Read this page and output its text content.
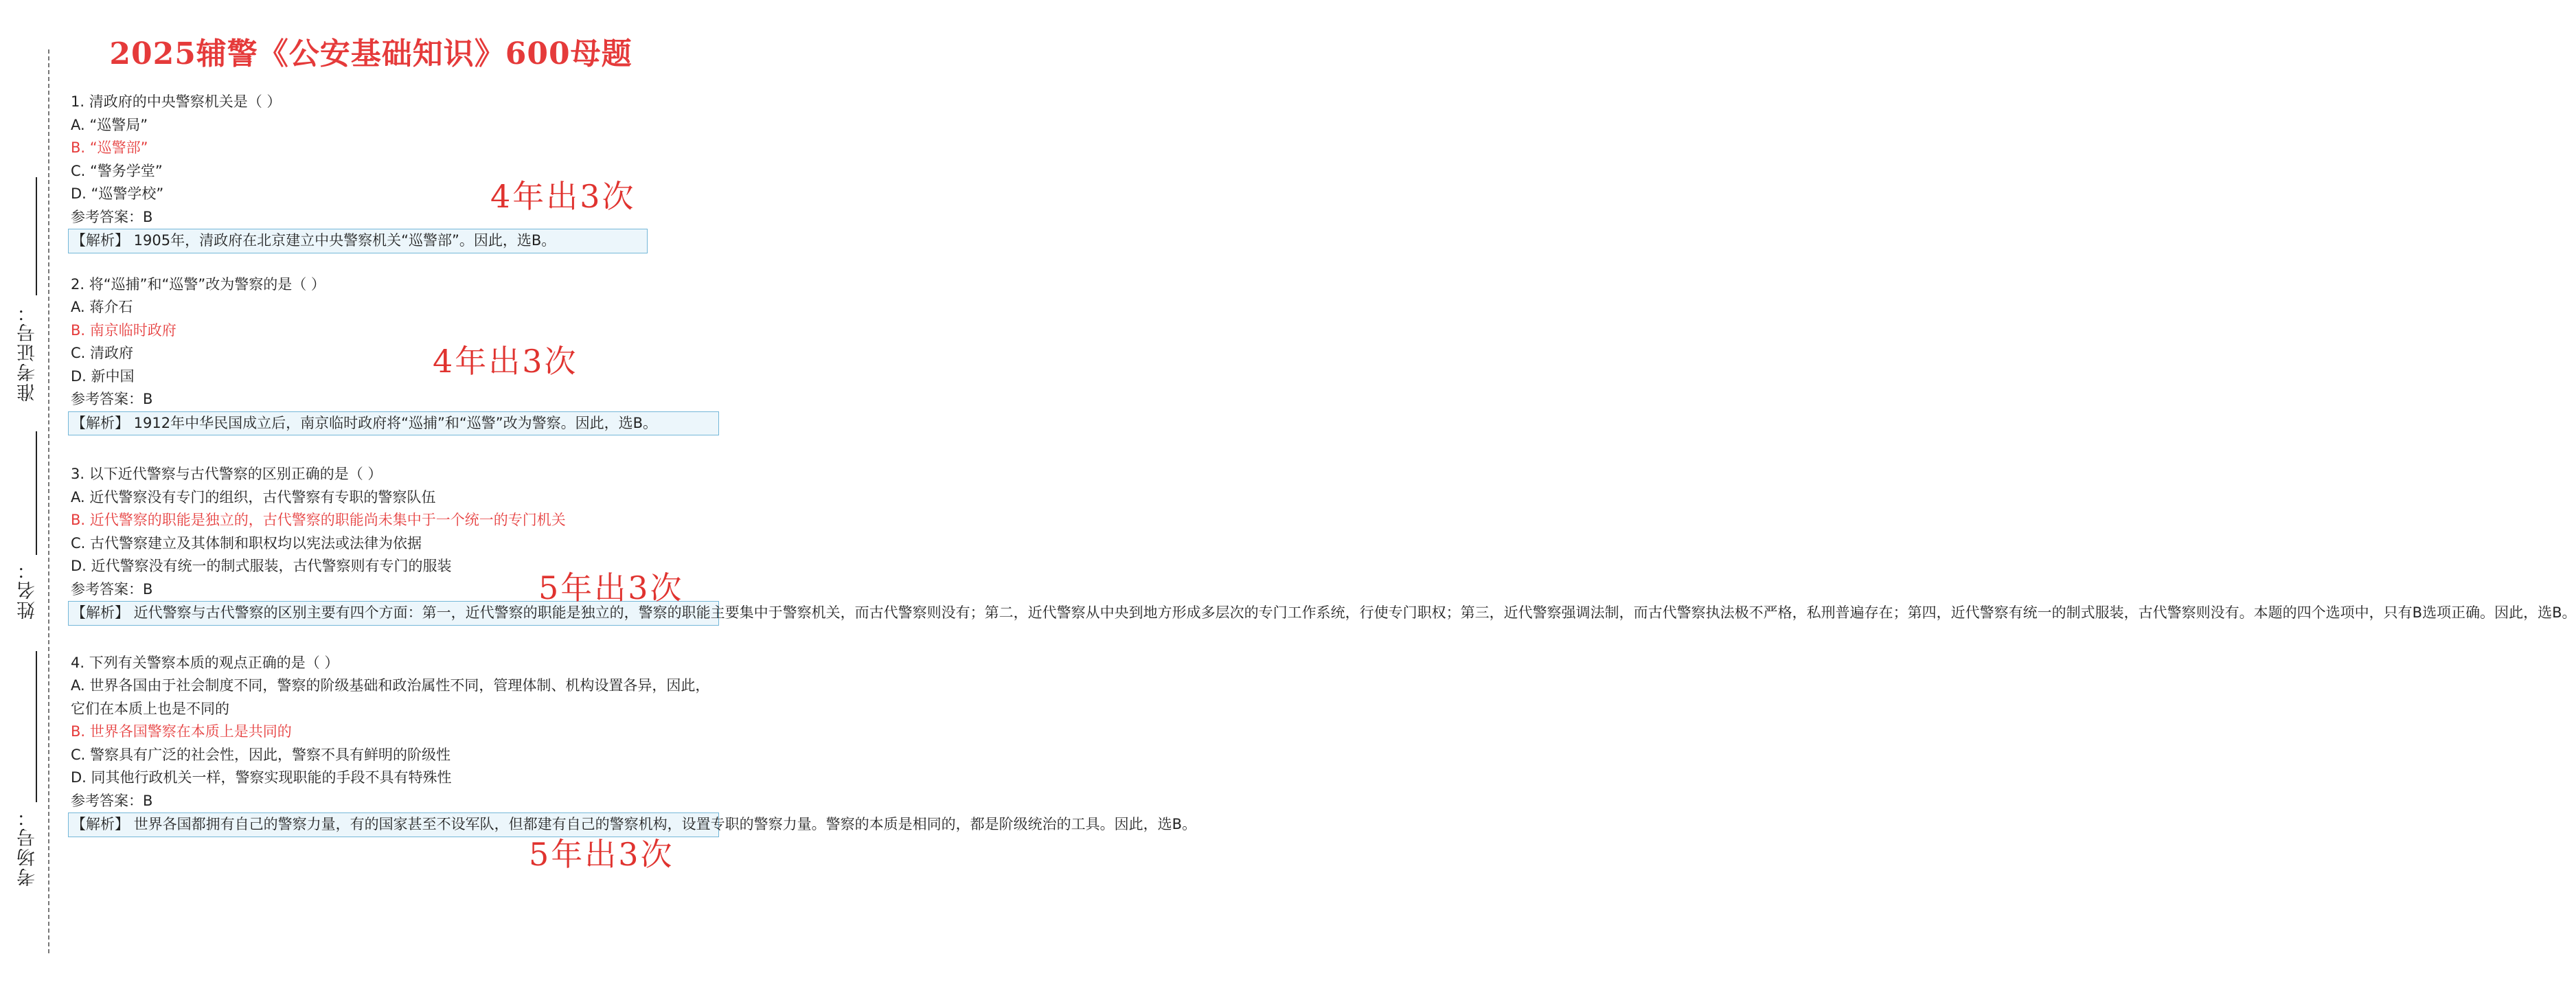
2025辅警《公安基础知识》600母题
准考证号：
姓名：
考场号：
1. 清政府的中央警察机关是（ ）
A. “巡警局”
B. “巡警部”
C. “警务学堂”
D. “巡警学校”
参考答案：B
【解析】 1905年，清政府在北京建立中央警察机关“巡警部”。因此，选B。
2. 将“巡捕”和“巡警”改为警察的是（ ）
A. 蒋介石
B. 南京临时政府
C. 清政府
D. 新中国
参考答案：B
【解析】 1912年中华民国成立后，南京临时政府将“巡捕”和“巡警”改为警察。因此，选B。
3. 以下近代警察与古代警察的区别正确的是（ ）
A. 近代警察没有专门的组织，古代警察有专职的警察队伍
B. 近代警察的职能是独立的，古代警察的职能尚未集中于一个统一的专门机关
C. 古代警察建立及其体制和职权均以宪法或法律为依据
D. 近代警察没有统一的制式服装，古代警察则有专门的服装
参考答案：B
【解析】 近代警察与古代警察的区别主要有四个方面：第一，近代警察的职能是独立的，警察的职能主要集中于警察机关，而古代警察则没有；第二，近代警察从中央到地方形成多层次的专门工作系统，行使专门职权；第三，近代警察强调法制，而古代警察执法极不严格，私刑普遍存在；第四，近代警察有统一的制式服装，古代警察则没有。本题的四个选项中，只有B选项正确。因此，选B。
4. 下列有关警察本质的观点正确的是（ ）
A. 世界各国由于社会制度不同，警察的阶级基础和政治属性不同，管理体制、机构设置各异，因此，它们在本质上也是不同的
B. 世界各国警察在本质上是共同的
C. 警察具有广泛的社会性，因此，警察不具有鲜明的阶级性
D. 同其他行政机关一样，警察实现职能的手段不具有特殊性
参考答案：B
【解析】 世界各国都拥有自己的警察力量，有的国家甚至不设军队，但都建有自己的警察机构，设置专职的警察力量。警察的本质是相同的，都是阶级统治的工具。因此，选B。
4年出3次
4年出3次
5年出3次
5年出3次
